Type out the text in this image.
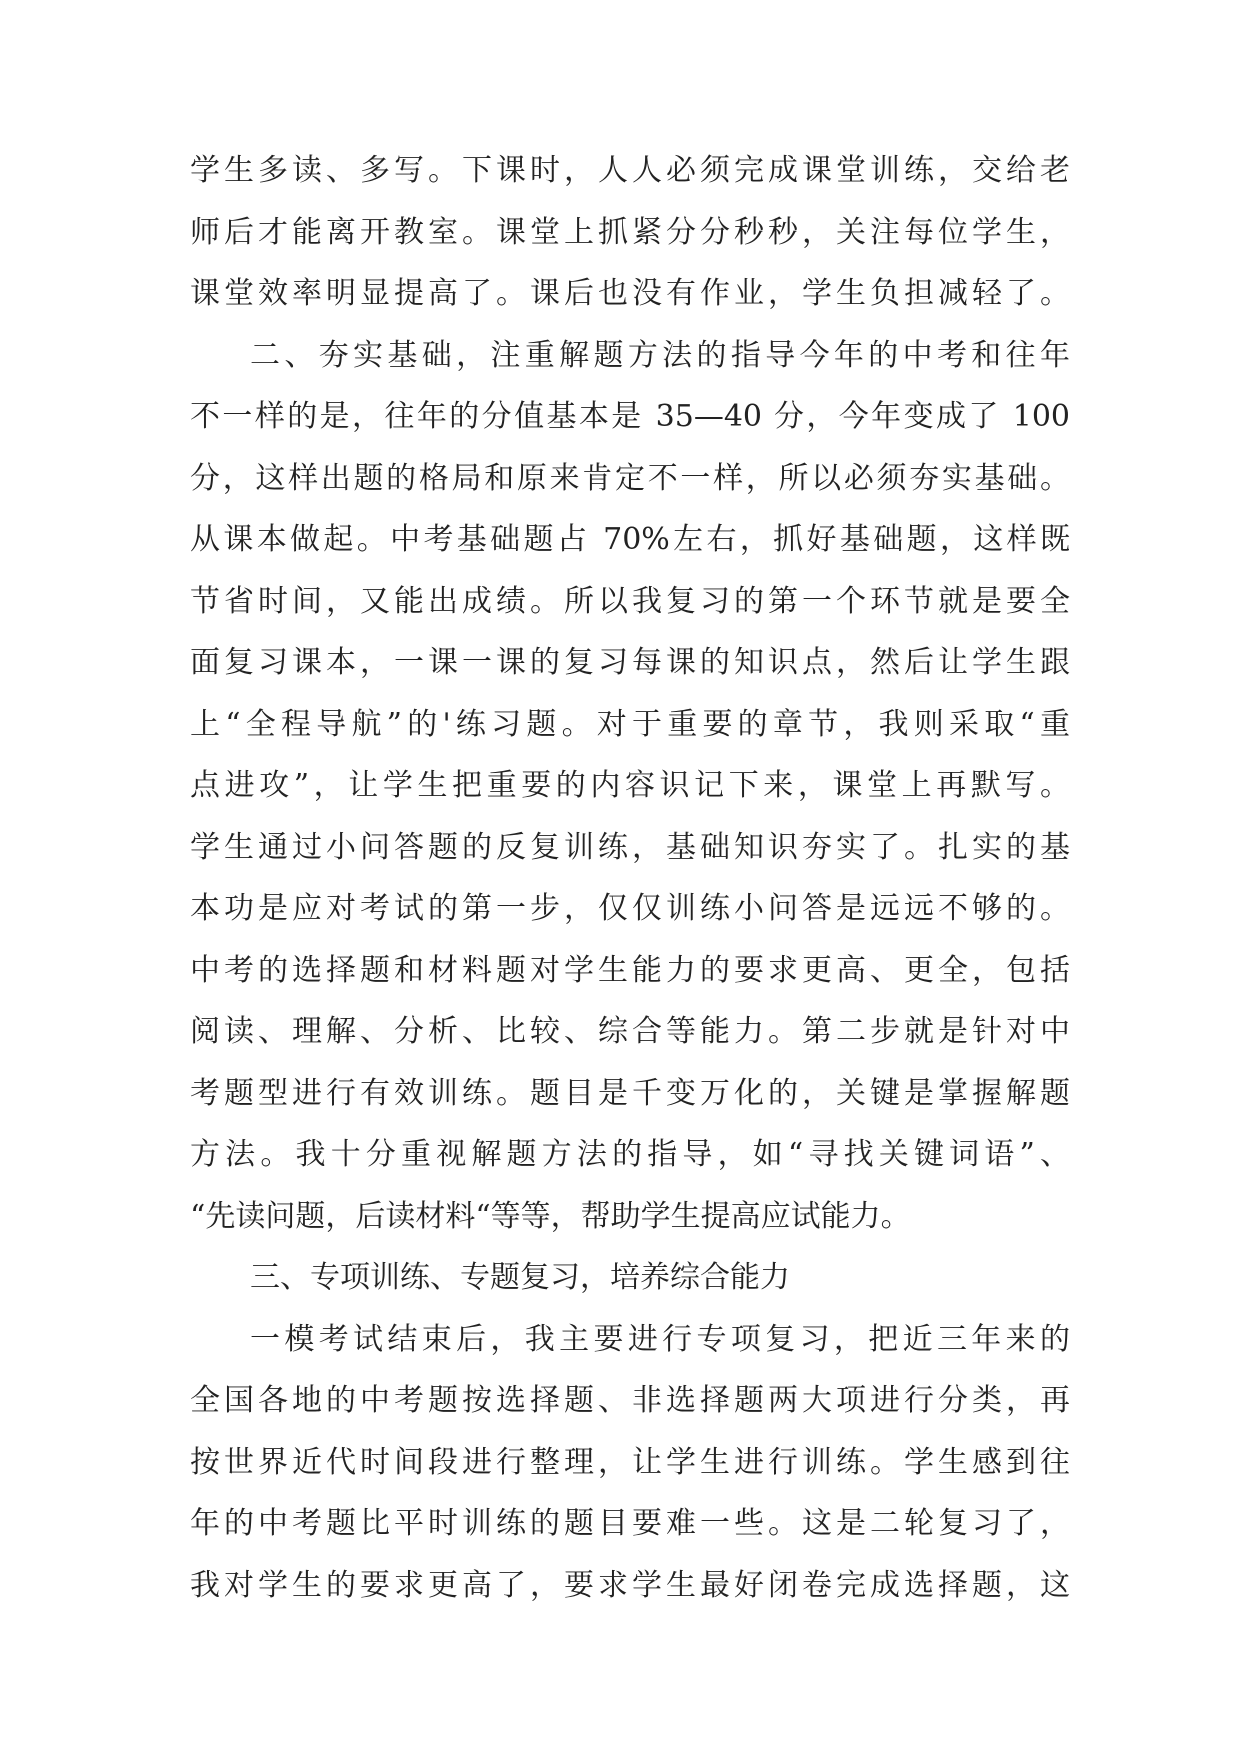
学生多读、多写。下课时，人人必须完成课堂训练，交给老
师后才能离开教室。课堂上抓紧分分秒秒，关注每位学生，
课堂效率明显提高了。课后也没有作业，学生负担减轻了。
二、夯实基础，注重解题方法的指导今年的中考和往年
不一样的是，往年的分值基本是 35—40 分，今年变成了 100
分，这样出题的格局和原来肯定不一样，所以必须夯实基础。
从课本做起。中考基础题占 70%左右，抓好基础题，这样既
节省时间，又能出成绩。所以我复习的第一个环节就是要全
面复习课本，一课一课的复习每课的知识点，然后让学生跟
上“全程导航”的'练习题。对于重要的章节，我则采取“重
点进攻”，让学生把重要的内容识记下来，课堂上再默写。
学生通过小问答题的反复训练，基础知识夯实了。扎实的基
本功是应对考试的第一步，仅仅训练小问答是远远不够的。
中考的选择题和材料题对学生能力的要求更高、更全，包括
阅读、理解、分析、比较、综合等能力。第二步就是针对中
考题型进行有效训练。题目是千变万化的，关键是掌握解题
方法。我十分重视解题方法的指导，如“寻找关键词语”、
“先读问题，后读材料“等等，帮助学生提高应试能力。
三、专项训练、专题复习，培养综合能力
一模考试结束后，我主要进行专项复习，把近三年来的
全国各地的中考题按选择题、非选择题两大项进行分类，再
按世界近代时间段进行整理，让学生进行训练。学生感到往
年的中考题比平时训练的题目要难一些。这是二轮复习了，
我对学生的要求更高了，要求学生最好闭卷完成选择题，这
